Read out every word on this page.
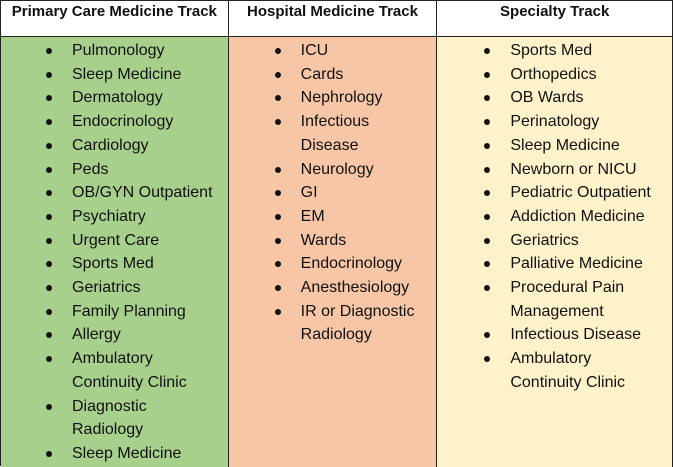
Primary Care Medicine Track
Pulmonology
Sleep Medicine
Dermatology
Endocrinology
Cardiology
Peds
OB/GYN Outpatient
Psychiatry
Urgent Care
Sports Med
Geriatrics
Family Planning
Allergy
Ambulatory Continuity Clinic
Diagnostic Radiology
Sleep Medicine
Hospital Medicine Track
ICU
Cards
Nephrology
Infectious Disease
Neurology
GI
EM
Wards
Endocrinology
Anesthesiology
IR or Diagnostic Radiology
Specialty Track
Sports Med
Orthopedics
OB Wards
Perinatology
Sleep Medicine
Newborn or NICU
Pediatric Outpatient
Addiction Medicine
Geriatrics
Palliative Medicine
Procedural Pain Management
Infectious Disease
Ambulatory Continuity Clinic
